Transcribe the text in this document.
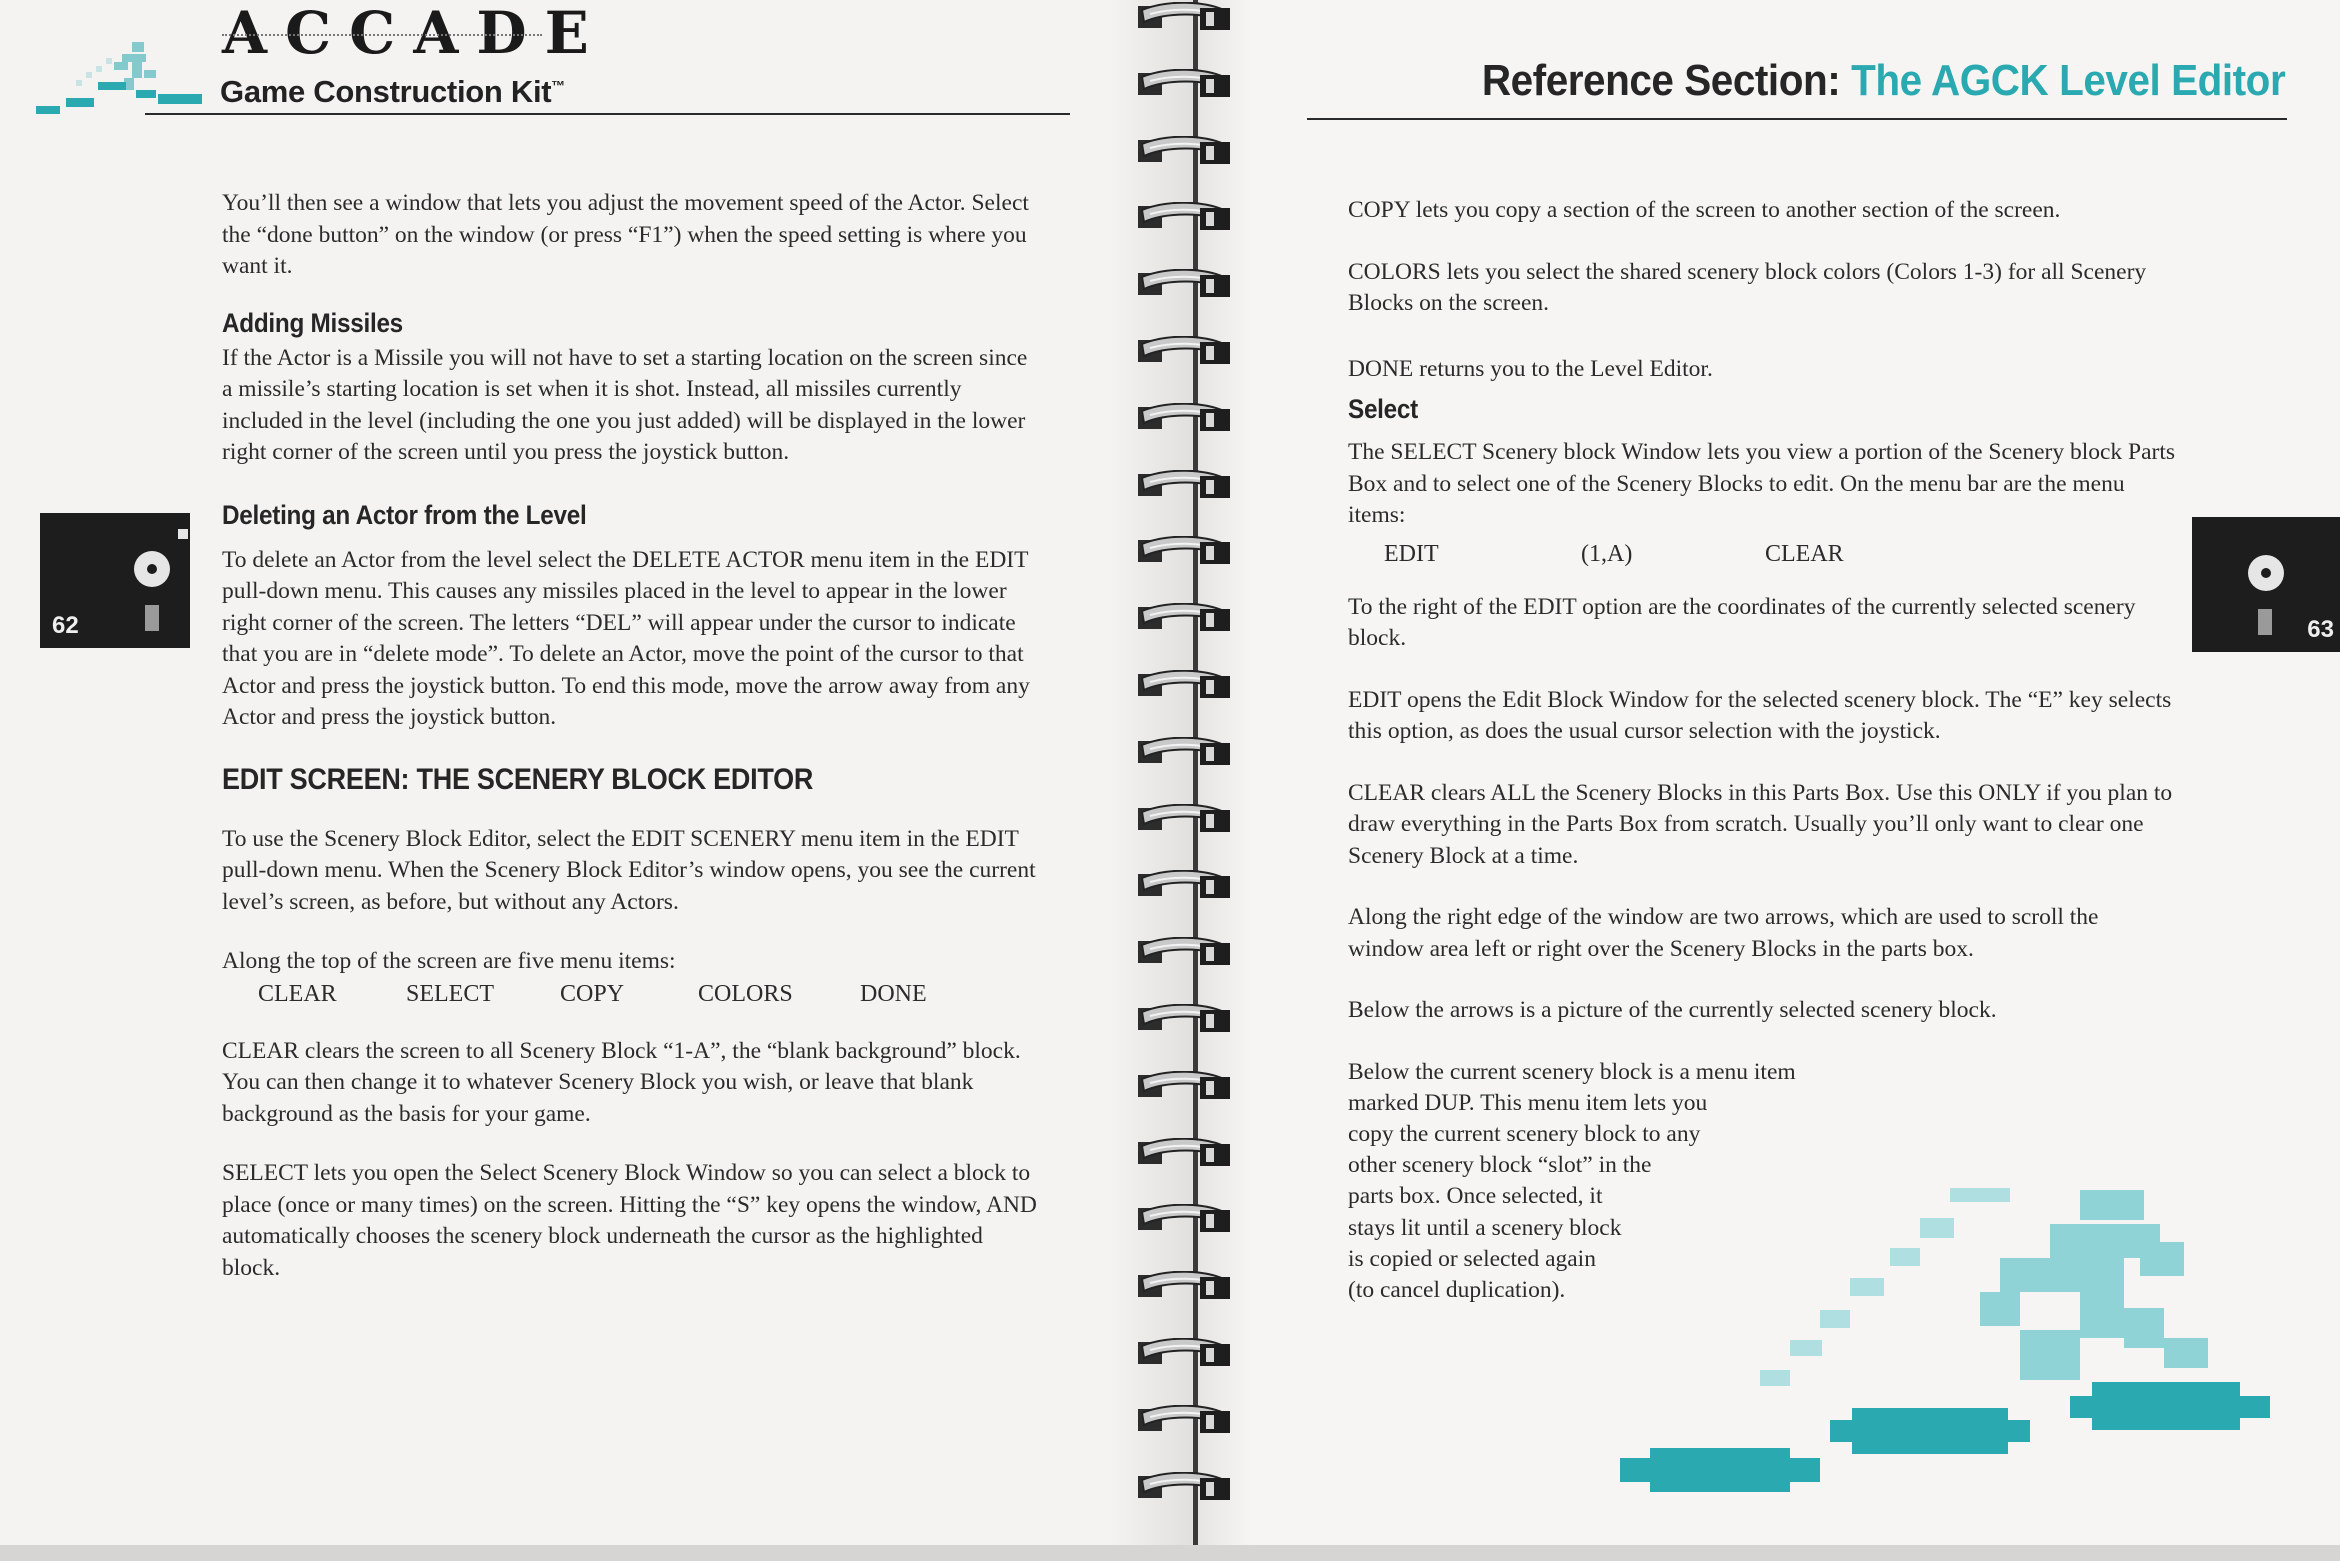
ACCADE
Game Construction Kit™
62

You’ll then see a window that lets you adjust the movement speed of the Actor. Select the “done button” on the window (or press “F1”) when the speed setting is where you want it.

Adding Missiles

If the Actor is a Missile you will not have to set a starting location on the screen since a missile’s starting location is set when it is shot. Instead, all missiles currently included in the level (including the one you just added) will be displayed in the lower right corner of the screen until you press the joystick button.

Deleting an Actor from the Level

To delete an Actor from the level select the DELETE ACTOR menu item in the EDIT pull-down menu. This causes any missiles placed in the level to appear in the lower right corner of the screen. The letters “DEL” will appear under the cursor to indicate that you are in “delete mode”. To delete an Actor, move the point of the cursor to that Actor and press the joystick button. To end this mode, move the arrow away from any Actor and press the joystick button.

EDIT SCREEN: THE SCENERY BLOCK EDITOR

To use the Scenery Block Editor, select the EDIT SCENERY menu item in the EDIT pull-down menu. When the Scenery Block Editor’s window opens, you see the current level’s screen, as before, but without any Actors.

Along the top of the screen are five menu items:

CLEAR	SELECT	COPY	COLORS	DONE

CLEAR clears the screen to all Scenery Block “1-A”, the “blank background” block. You can then change it to whatever Scenery Block you wish, or leave that blank background as the basis for your game.

SELECT lets you open the Select Scenery Block Window so you can select a block to place (once or many times) on the screen. Hitting the “S” key opens the window, AND automatically chooses the scenery block underneath the cursor as the highlighted block.

Reference Section: The AGCK Level Editor
63

COPY lets you copy a section of the screen to another section of the screen.

COLORS lets you select the shared scenery block colors (Colors 1-3) for all Scenery Blocks on the screen.

DONE returns you to the Level Editor.

Select

The SELECT Scenery block Window lets you view a portion of the Scenery block Parts Box and to select one of the Scenery Blocks to edit. On the menu bar are the menu items:

EDIT	(1,A)	CLEAR

To the right of the EDIT option are the coordinates of the currently selected scenery block.

EDIT opens the Edit Block Window for the selected scenery block. The “E” key selects this option, as does the usual cursor selection with the joystick.

CLEAR clears ALL the Scenery Blocks in this Parts Box. Use this ONLY if you plan to draw everything in the Parts Box from scratch. Usually you’ll only want to clear one Scenery Block at a time.

Along the right edge of the window are two arrows, which are used to scroll the window area left or right over the Scenery Blocks in the parts box.

Below the arrows is a picture of the currently selected scenery block.

Below the current scenery block is a menu item
marked DUP. This menu item lets you
copy the current scenery block to any
other scenery block “slot” in the
parts box. Once selected, it
stays lit until a scenery block
is copied or selected again
(to cancel duplication).
